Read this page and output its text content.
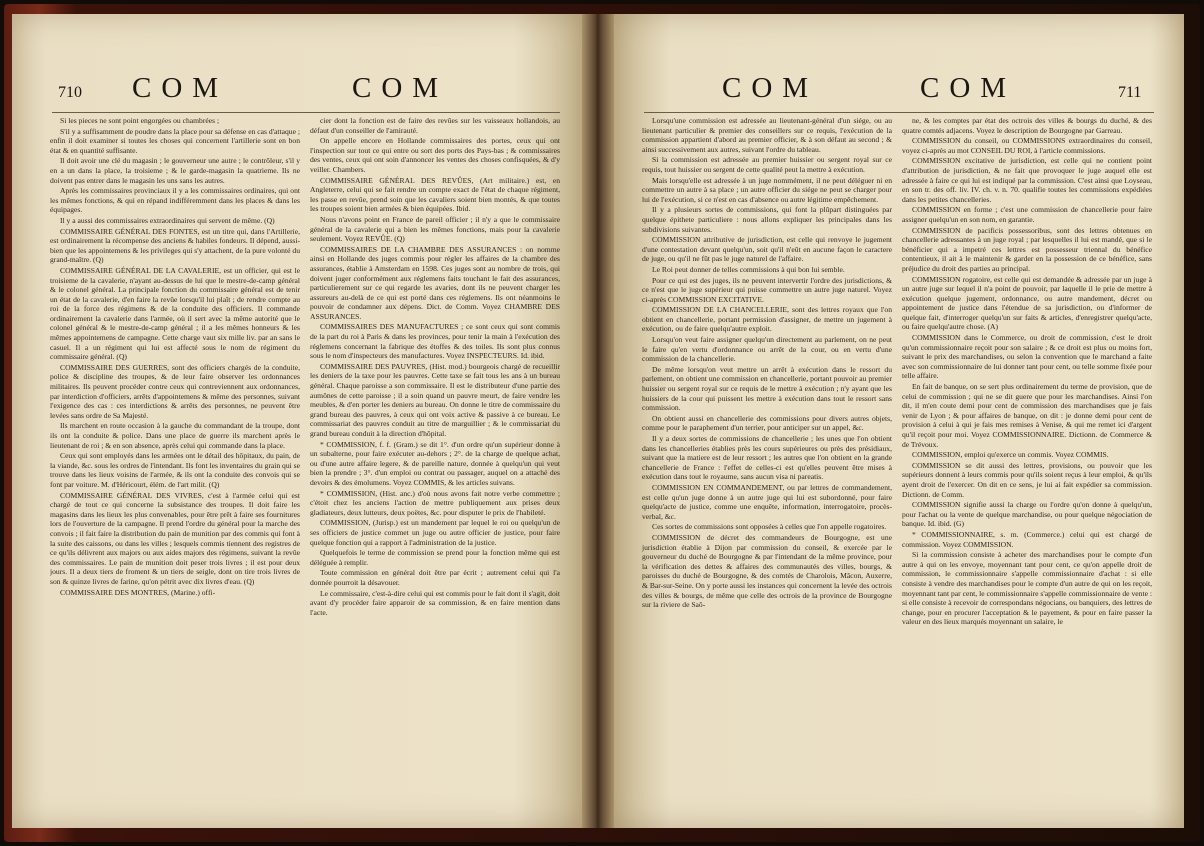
710 COM	COM

Si les pieces ne sont point engorgées ou chambrées ;

S'il y a suffisamment de poudre dans la place pour sa défense en cas d'attaque ; enfin il doit examiner si toutes les choses qui concernent l'artillerie sont en bon état & en quantité suffisante.

Il doit avoir une clé du magasin ; le gouverneur une autre ; le contrôleur, s'il y en a un dans la place, la troisieme ; & le garde-magasin la quatrieme. Ils ne doivent pas entrer dans le magasin les uns sans les autres.

Après les commissaires provinciaux il y a les commissaires ordinaires, qui ont les mêmes fonctions, & qui en répand indifféremment dans les places & dans les équipages.

Il y a aussi des commissaires extraordinaires qui servent de même. (Q)

COMMISSAIRE GÉNÉRAL DES FONTES, est un titre qui, dans l'Artillerie, est ordinairement la récompense des anciens & habiles fondeurs. Il dépend, aussi-bien que les appointemens & les privileges qui s'y attachent, de la pure volonté du grand-maître. (Q)

COMMISSAIRE GÉNÉRAL DE LA CAVALERIE, est un officier, qui est le troisieme de la cavalerie, n'ayant au-dessus de lui que le mestre-de-camp général & le colonel général. La principale fonction du commissaire général est de tenir un état de la cavalerie, d'en faire la revûe lorsqu'il lui plaît ; de rendre compte au roi de la force des régimens & de la conduite des officiers. Il commande ordinairement la cavalerie dans l'armée, où il sert avec la même autorité que le colonel général & le mestre-de-camp général ; il a les mêmes honneurs & les mêmes appointemens de campagne. Cette charge vaut six mille liv. par an sans le casuel. Il a un régiment qui lui est affecté sous le nom de régiment du commissaire général. (Q)

COMMISSAIRE DES GUERRES, sont des officiers chargés de la conduite, police & discipline des troupes, & de leur faire observer les ordonnances militaires. Ils peuvent procéder contre ceux qui contreviennent aux ordonnances, par interdiction d'officiers, arrêts d'appointemens & même des personnes, suivant l'exigence des cas : ces interdictions & arrêts des personnes, ne peuvent être levées sans ordre de Sa Majesté.

Ils marchent en route occasion à la gauche du commandant de la troupe, dont ils ont la conduite & police. Dans une place de guerre ils marchent après le lieutenant de roi ; & en son absence, après celui qui commande dans la place.

Ceux qui sont employés dans les armées ont le détail des hôpitaux, du pain, de la viande, &c. sous les ordres de l'intendant. Ils font les inventaires du grain qui se trouve dans les lieux voisins de l'armée, & ils ont la conduite des convois qui se font par voiture. M. d'Héricourt, élém. de l'art milit. (Q)

COMMISSAIRE GÉNÉRAL DES VIVRES, c'est à l'armée celui qui est chargé de tout ce qui concerne la subsistance des troupes. Il doit faire les magasins dans les lieux les plus convenables, pour être prêt à faire ses fournitures lors de l'ouverture de la campagne. Il prend l'ordre du général pour la marche des convois ; il fait faire la distribution du pain de munition par des commis qui font à la suite des caissons, ou dans les villes ; lesquels commis tiennent des registres de ce qu'ils délivrent aux majors ou aux aides majors des régimens, suivant la revûe des commissaires. Le pain de munition doit peser trois livres ; il est pour deux jours. Il a deux tiers de froment & un tiers de seigle, dont on tire trois livres de son & quinze livres de farine, qu'on pétrit avec dix livres d'eau. (Q)

COMMISSAIRE DES MONTRES, (Marine.) offi-

cier dont la fonction est de faire des revûes sur les vaisseaux hollandois, au défaut d'un conseiller de l'amirauté.

On appelle encore en Hollande commissaires des portes, ceux qui ont l'inspection sur tout ce qui entre ou sort des ports des Pays-bas ; & commissaires des ventes, ceux qui ont soin d'annoncer les ventes des choses confisquées, & d'y veiller. Chambers.

COMMISSAIRE GÉNÉRAL DES REVÛES, (Art militaire.) est, en Angleterre, celui qui se fait rendre un compte exact de l'état de chaque régiment, les passe en revûe, prend soin que les cavaliers soient bien montés, & que toutes les troupes soient bien armées & bien équipées. Ibid.

Nous n'avons point en France de pareil officier ; il n'y a que le commissaire général de la cavalerie qui a bien les mêmes fonctions, mais pour la cavalerie seulement. Voyez REVÛE. (Q)

COMMISSAIRES DE LA CHAMBRE DES ASSURANCES : on nomme ainsi en Hollande des juges commis pour régler les affaires de la chambre des assurances, établie à Amsterdam en 1598. Ces juges sont au nombre de trois, qui doivent juger conformément aux réglemens faits touchant le fait des assurances, particulierement sur ce qui regarde les avaries, dont ils ne peuvent charger les assureurs au-delà de ce qui est porté dans ces réglemens. Ils ont néanmoins le pouvoir de condamner aux dépens. Dict. de Comm. Voyez CHAMBRE DES ASSURANCES.

COMMISSAIRES DES MANUFACTURES ; ce sont ceux qui sont commis de la part du roi à Paris & dans les provinces, pour tenir la main à l'exécution des réglemens concernant la fabrique des étoffes & des toiles. Ils sont plus connus sous le nom d'inspecteurs des manufactures. Voyez INSPECTEURS. Id. ibid.

COMMISSAIRE DES PAUVRES, (Hist. mod.) bourgeois chargé de recueillir les deniers de la taxe pour les pauvres. Cette taxe se fait tous les ans à un bureau général. Chaque paroisse a son commissaire. Il est le distributeur d'une partie des aumônes de cette paroisse ; il a soin quand un pauvre meurt, de faire vendre les meubles, & d'en porter les deniers au bureau. On donne le titre de commissaire du grand bureau des pauvres, à ceux qui ont voix active & passive à ce bureau. Le commissariat des pauvres conduit au titre de marguillier ; & le commissariat du grand bureau conduit à la direction d'hôpital.

* COMMISSION, f. f. (Gram.) se dit 1°. d'un ordre qu'un supérieur donne à un subalterne, pour faire exécuter au-dehors ; 2°. de la charge de quelque achat, ou d'une autre affaire legere, & de pareille nature, donnée à quelqu'un qui veut bien la prendre ; 3°. d'un emploi ou contrat ou passager, auquel on a attaché des devoirs & des émolumens. Voyez COMMIS, & les articles suivans.

* COMMISSION, (Hist. anc.) d'où nous avons fait notre verbe commettre ; c'étoit chez les anciens l'action de mettre publiquement aux prises deux gladiateurs, deux lutteurs, deux poëtes, &c. pour disputer le prix de l'habileté.

COMMISSION, (Jurisp.) est un mandement par lequel le roi ou quelqu'un de ses officiers de justice commet un juge ou autre officier de justice, pour faire quelque fonction qui a rapport à l'administration de la justice.

Quelquefois le terme de commission se prend pour la fonction même qui est déléguée à remplir.

Toute commission en général doit être par écrit ; autrement celui qui l'a donnée pourroit la désavouer.

Le commissaire, c'est-à-dire celui qui est commis pour le fait dont il s'agit, doit avant d'y procéder faire apparoir de sa commission, & en faire mention dans l'acte.

COM	COM	711

Lorsqu'une commission est adressée au lieutenant-général d'un siége, ou au lieutenant particulier & premier des conseillers sur ce requis, l'exécution de la commission appartient d'abord au premier officier, & à son défaut au second ; & ainsi successivement aux autres, suivant l'ordre du tableau.

Si la commission est adressée au premier huissier ou sergent royal sur ce requis, tout huissier ou sergent de cette qualité peut la mettre à exécution.

Mais lorsqu'elle est adressée à un juge nommément, il ne peut déléguer ni en commettre un autre à sa place ; un autre officier du siége ne peut se charger pour lui de l'exécution, si ce n'est en cas d'absence ou autre légitime empêchement.

Il y a plusieurs sortes de commissions, qui font la plûpart distinguées par quelque épithete particuliere : nous allons expliquer les principales dans les subdivisions suivantes.

COMMISSION attributive de jurisdiction, est celle qui renvoye le jugement d'une contestation devant quelqu'un, soit qu'il n'eût en aucune façon le caractere de juge, ou qu'il ne fût pas le juge naturel de l'affaire.

Le Roi peut donner de telles commissions à qui bon lui semble.

Pour ce qui est des juges, ils ne peuvent intervertir l'ordre des jurisdictions, & ce n'est que le juge supérieur qui puisse commettre un autre juge naturel. Voyez ci-après COMMISSION EXCITATIVE.

COMMISSION DE LA CHANCELLERIE, sont des lettres royaux que l'on obtient en chancellerie, portant permission d'assigner, de mettre un jugement à exécution, ou de faire quelqu'autre exploit.

Lorsqu'on veut faire assigner quelqu'un directement au parlement, on ne peut le faire qu'en vertu d'ordonnance ou arrêt de la cour, ou en vertu d'une commission de la chancellerie.

De même lorsqu'on veut mettre un arrêt à exécution dans le ressort du parlement, on obtient une commission en chancellerie, portant pouvoir au premier huissier ou sergent royal sur ce requis de le mettre à exécution ; n'y ayant que les huissiers de la cour qui puissent les mettre à exécution dans tout le ressort sans commission.

On obtient aussi en chancellerie des commissions pour divers autres objets, comme pour le paraphement d'un terrier, pour anticiper sur un appel, &c.

Il y a deux sortes de commissions de chancellerie ; les unes que l'on obtient dans les chancelleries établies près les cours supérieures ou près des présidiaux, suivant que la matiere est de leur ressort ; les autres que l'on obtient en la grande chancellerie de France : l'effet de celles-ci est qu'elles peuvent être mises à exécution dans tout le royaume, sans aucun visa ni pareatis.

COMMISSION EN COMMANDEMENT, ou par lettres de commandement, est celle qu'un juge donne à un autre juge qui lui est subordonné, pour faire quelqu'acte de justice, comme une enquête, information, interrogatoire, procès-verbal, &c.

Ces sortes de commissions sont opposées à celles que l'on appelle rogatoires.

COMMISSION de décret des commandeurs de Bourgogne, est une jurisdiction établie à Dijon par commission du conseil, & exercée par le gouverneur du duché de Bourgogne & par l'intendant de la même province, pour la vérification des dettes & affaires des communautés des villes, bourgs, & paroisses du duché de Bourgogne, & des comtés de Charolois, Mâcon, Auxerre, & Bar-sur-Seine. On y porte aussi les instances qui concernent la levée des octrois des villes & bourgs, de même que celle des octrois de la province de Bourgogne sur la riviere de Saô-

ne, & les comptes par état des octrois des villes & bourgs du duché, & des quatre comtés adjacens. Voyez le description de Bourgogne par Garreau.

COMMISSION du conseil, ou COMMISSIONS extraordinaires du conseil, voyez ci-après au mot CONSEIL DU ROI, à l'article commissions.

COMMISSION excitative de jurisdiction, est celle qui ne contient point d'attribution de jurisdiction, & ne fait que provoquer le juge auquel elle est adressée à faire ce qui lui est indiqué par la commission. C'est ainsi que Loyseau, en son tr. des off. liv. IV. ch. v. n. 70. qualifie toutes les commissions expédiées dans les petites chancelleries.

COMMISSION en forme ; c'est une commission de chancellerie pour faire assigner quelqu'un en son nom, en garantie.

COMMISSION de pacificis possessoribus, sont des lettres obtenues en chancellerie adressantes à un juge royal ; par lesquelles il lui est mandé, que si le bénéficier qui a impetré ces lettres est possesseur triennal du bénéfice contentieux, il ait à le maintenir & garder en la possession de ce bénéfice, sans préjudice du droit des parties au principal.

COMMISSION rogatoire, est celle qui est demandée & adressée par un juge à un autre juge sur lequel il n'a point de pouvoir, par laquelle il le prie de mettre à exécution quelque jugement, ordonnance, ou autre mandement, décret ou appointement de justice dans l'étendue de sa jurisdiction, ou d'informer de quelque fait, d'interroger quelqu'un sur faits & articles, d'enregistrer quelqu'acte, ou faire quelqu'autre chose. (A)

COMMISSION dans le Commerce, ou droit de commission, c'est le droit qu'un commissionnaire reçoit pour son salaire ; & ce droit est plus ou moins fort, suivant le prix des marchandises, ou selon la convention que le marchand a faite avec son commissionnaire de lui donner tant pour cent, ou telle somme fixée pour telle affaire.

En fait de banque, on se sert plus ordinairement du terme de provision, que de celui de commission ; qui ne se dit guere que pour les marchandises. Ainsi l'on dit, il m'en coute demi pour cent de commission des marchandises que je fais venir de Lyon ; & pour affaires de banque, on dit : je donne demi pour cent de provision à celui à qui je fais mes remises à Venise, & qui me remet ici d'argent qu'il reçoit pour moi. Voyez COMMISSIONNAIRE. Dictionn. de Commerce & de Trévoux.

COMMISSION, emploi qu'exerce un commis. Voyez COMMIS.

COMMISSION se dit aussi des lettres, provisions, ou pouvoir que les supérieurs donnent à leurs commis pour qu'ils soient reçus à leur emploi, & qu'ils ayent droit de l'exercer. On dit en ce sens, je lui ai fait expédier sa commission. Dictionn. de Comm.

COMMISSION signifie aussi la charge ou l'ordre qu'on donne à quelqu'un, pour l'achat ou la vente de quelque marchandise, ou pour quelque négociation de banque. Id. ibid. (G)

* COMMISSIONNAIRE, s. m. (Commerce.) celui qui est chargé de commission. Voyez COMMISSION.

Si la commission consiste à acheter des marchandises pour le compte d'un autre à qui on les envoye, moyennant tant pour cent, ce qu'on appelle droit de commission, le commissionnaire s'appelle commissionnaire d'achat : si elle consiste à vendre des marchandises pour le compte d'un autre de qui on les reçoit, moyennant tant par cent, le commissionnaire s'appelle commissionnaire de vente : si elle consiste à recevoir de correspondans négocians, ou banquiers, des lettres de change, pour en procurer l'acceptation & le payement, & pour en faire passer la valeur en des lieux marqués moyennant un salaire, le
